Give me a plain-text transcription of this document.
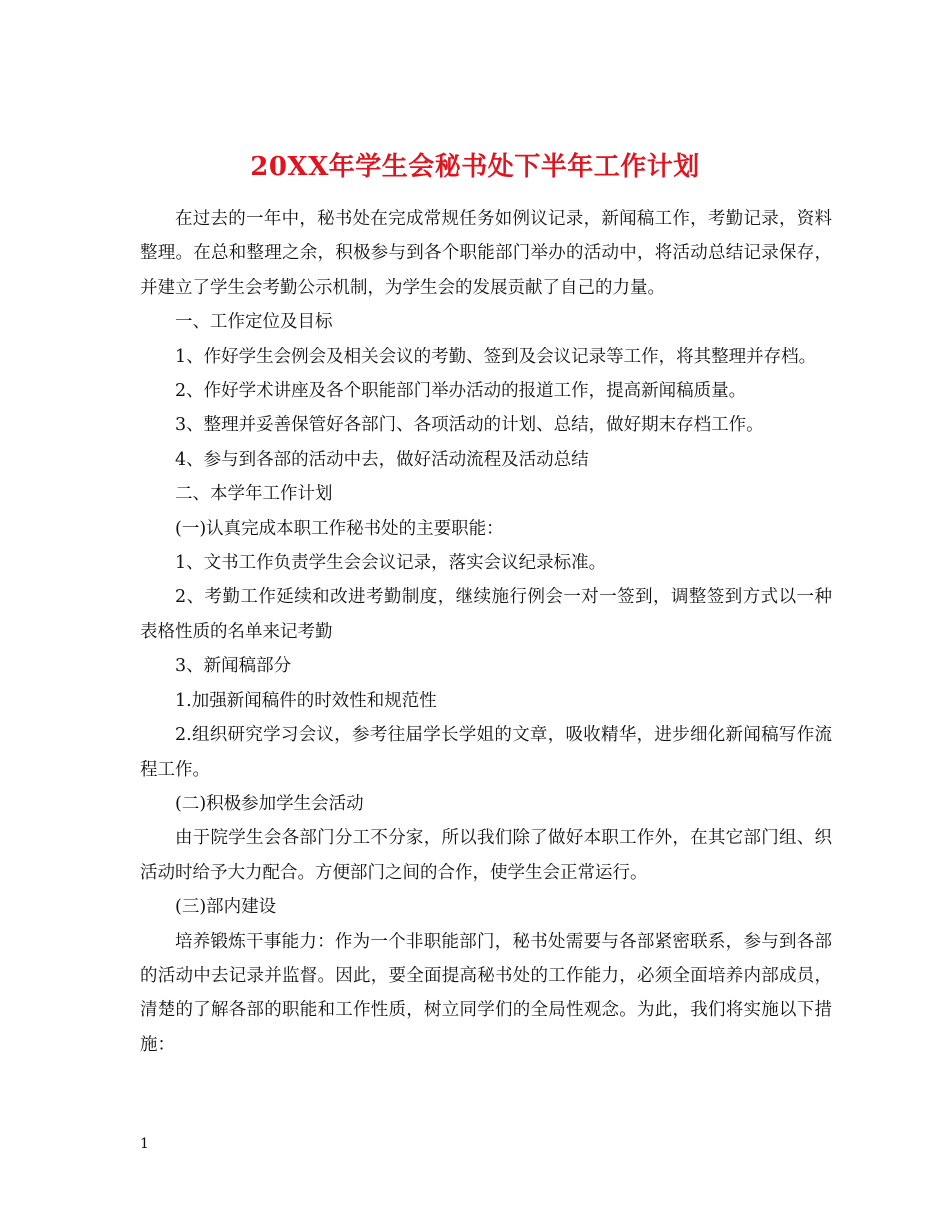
20XX年学生会秘书处下半年工作计划

在过去的一年中，秘书处在完成常规任务如例议记录，新闻稿工作，考勤记录，资料整理。在总和整理之余，积极参与到各个职能部门举办的活动中，将活动总结记录保存，并建立了学生会考勤公示机制，为学生会的发展贡献了自己的力量。

一、工作定位及目标

1、作好学生会例会及相关会议的考勤、签到及会议记录等工作，将其整理并存档。

2、作好学术讲座及各个职能部门举办活动的报道工作，提高新闻稿质量。

3、整理并妥善保管好各部门、各项活动的计划、总结，做好期末存档工作。

4、参与到各部的活动中去，做好活动流程及活动总结

二、本学年工作计划

(一)认真完成本职工作秘书处的主要职能：

1、文书工作负责学生会会议记录，落实会议纪录标准。

2、考勤工作延续和改进考勤制度，继续施行例会一对一签到，调整签到方式以一种表格性质的名单来记考勤

3、新闻稿部分

1.加强新闻稿件的时效性和规范性

2.组织研究学习会议，参考往届学长学姐的文章，吸收精华，进步细化新闻稿写作流程工作。

(二)积极参加学生会活动

由于院学生会各部门分工不分家，所以我们除了做好本职工作外，在其它部门组、织活动时给予大力配合。方便部门之间的合作，使学生会正常运行。

(三)部内建设

培养锻炼干事能力：作为一个非职能部门，秘书处需要与各部紧密联系，参与到各部的活动中去记录并监督。因此，要全面提高秘书处的工作能力，必须全面培养内部成员，清楚的了解各部的职能和工作性质，树立同学们的全局性观念。为此，我们将实施以下措施：

1
